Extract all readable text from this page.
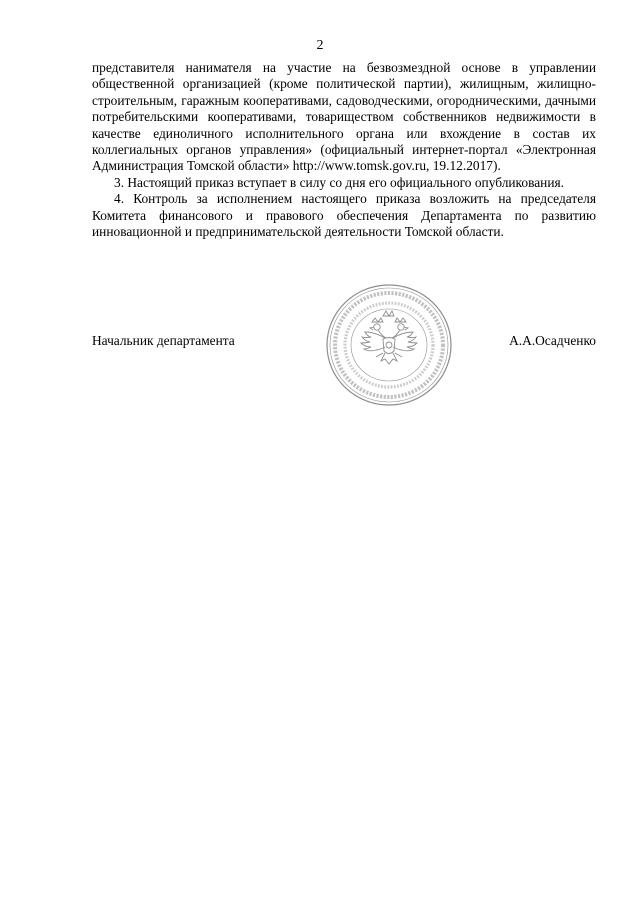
2

представителя нанимателя на участие на безвозмездной основе в управлении общественной организацией (кроме политической партии), жилищным, жилищно-строительным, гаражным кооперативами, садоводческими, огородническими, дачными потребительскими кооперативами, товариществом собственников недвижимости в качестве единоличного исполнительного органа или вхождение в состав их коллегиальных органов управления» (официальный интернет-портал «Электронная Администрация Томской области» http://www.tomsk.gov.ru, 19.12.2017).

3. Настоящий приказ вступает в силу со дня его официального опубликования.

4. Контроль за исполнением настоящего приказа возложить на председателя Комитета финансового и правового обеспечения Департамента по развитию инновационной и предпринимательской деятельности Томской области.

Начальник департамента	А.А.Осадченко
